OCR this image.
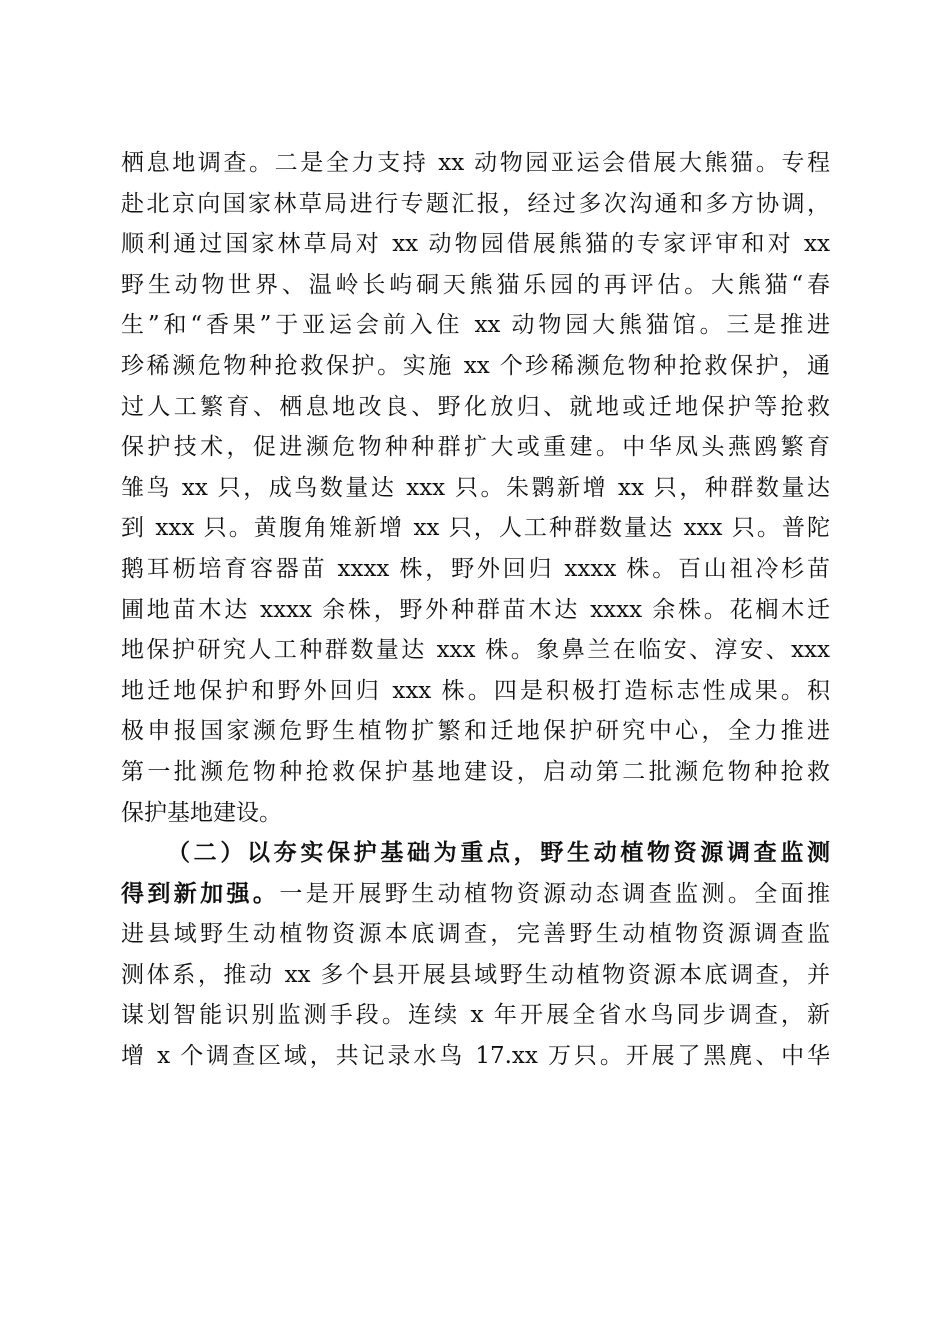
栖息地调查。二是全力支持 xx 动物园亚运会借展大熊猫。专程
赴北京向国家林草局进行专题汇报，经过多次沟通和多方协调，
顺利通过国家林草局对 xx 动物园借展熊猫的专家评审和对 xx
野生动物世界、温岭长屿硐天熊猫乐园的再评估。大熊猫“春
生”和“香果”于亚运会前入住 xx 动物园大熊猫馆。三是推进
珍稀濒危物种抢救保护。实施 xx 个珍稀濒危物种抢救保护，通
过人工繁育、栖息地改良、野化放归、就地或迁地保护等抢救
保护技术，促进濒危物种种群扩大或重建。中华凤头燕鸥繁育
雏鸟 xx 只，成鸟数量达 xxx 只。朱鹮新增 xx 只，种群数量达
到 xxx 只。黄腹角雉新增 xx 只，人工种群数量达 xxx 只。普陀
鹅耳枥培育容器苗 xxxx 株，野外回归 xxxx 株。百山祖冷杉苗
圃地苗木达 xxxx 余株，野外种群苗木达 xxxx 余株。花榈木迁
地保护研究人工种群数量达 xxx 株。象鼻兰在临安、淳安、xxx
地迁地保护和野外回归 xxx 株。四是积极打造标志性成果。积
极申报国家濒危野生植物扩繁和迁地保护研究中心，全力推进
第一批濒危物种抢救保护基地建设，启动第二批濒危物种抢救
保护基地建设。
（二）以夯实保护基础为重点，野生动植物资源调查监测
得到新加强。一是开展野生动植物资源动态调查监测。全面推
进县域野生动植物资源本底调查，完善野生动植物资源调查监
测体系，推动 xx 多个县开展县域野生动植物资源本底调查，并
谋划智能识别监测手段。连续 x 年开展全省水鸟同步调查，新
增 x 个调查区域，共记录水鸟 17.xx 万只。开展了黑麂、中华
